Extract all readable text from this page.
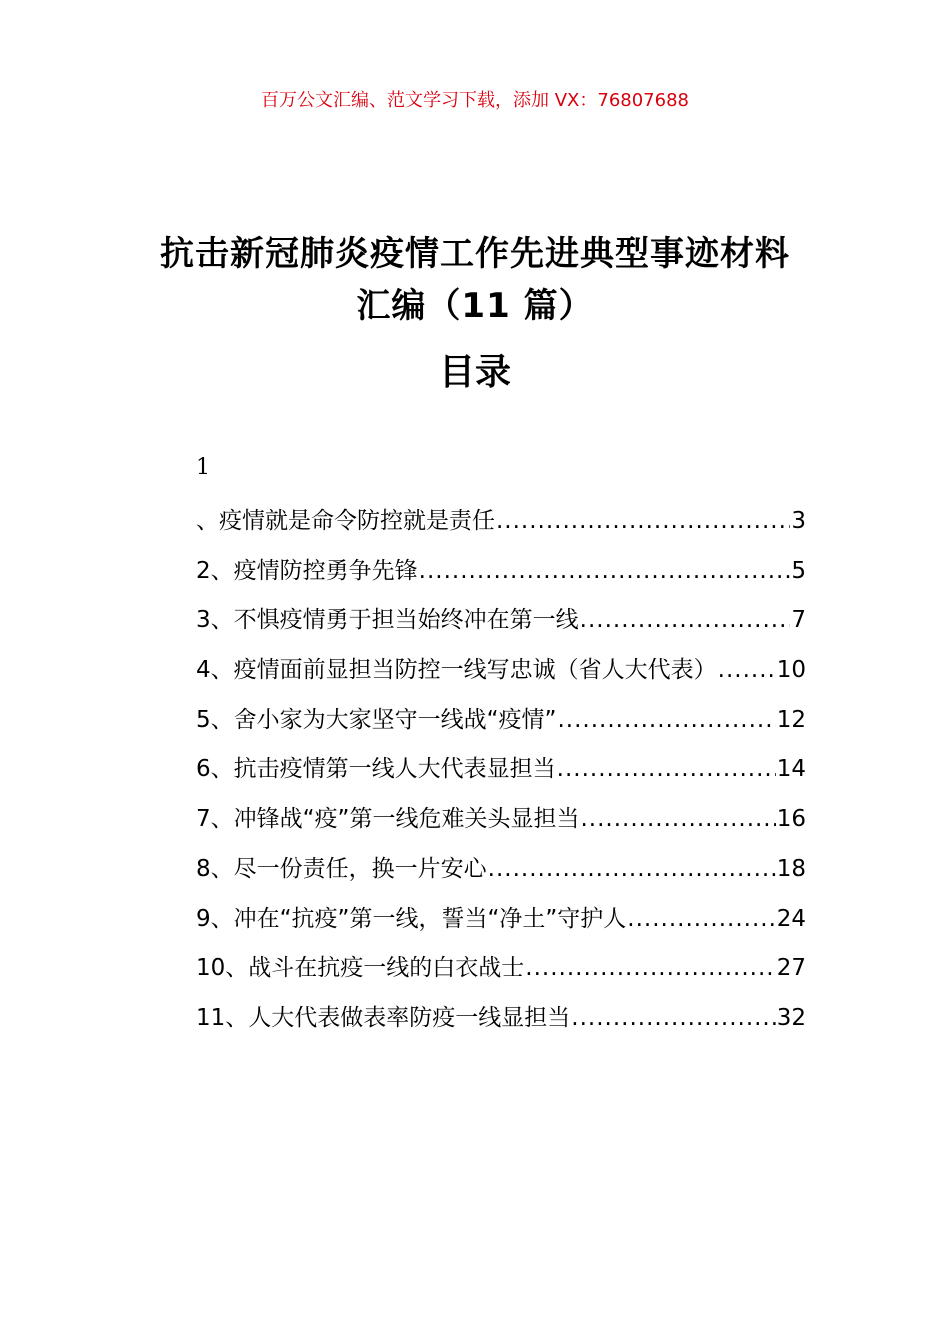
百万公文汇编、范文学习下载，添加 VX：76807688
抗击新冠肺炎疫情工作先进典型事迹材料
汇编（11 篇）
目录
1
、疫情就是命令防控就是责任 .....	3
2、疫情防控勇争先锋 .....	5
3、不惧疫情勇于担当始终冲在第一线 .....	7
4、疫情面前显担当防控一线写忠诚（省人大代表） .....	10
5、舍小家为大家坚守一线战“疫情” .....	12
6、抗击疫情第一线人大代表显担当 .....	14
7、冲锋战“疫”第一线危难关头显担当 .....	16
8、尽一份责任，换一片安心 .....	18
9、冲在“抗疫”第一线，誓当“净土”守护人 .....	24
10、战斗在抗疫一线的白衣战士 .....	27
11、人大代表做表率防疫一线显担当 .....	32
